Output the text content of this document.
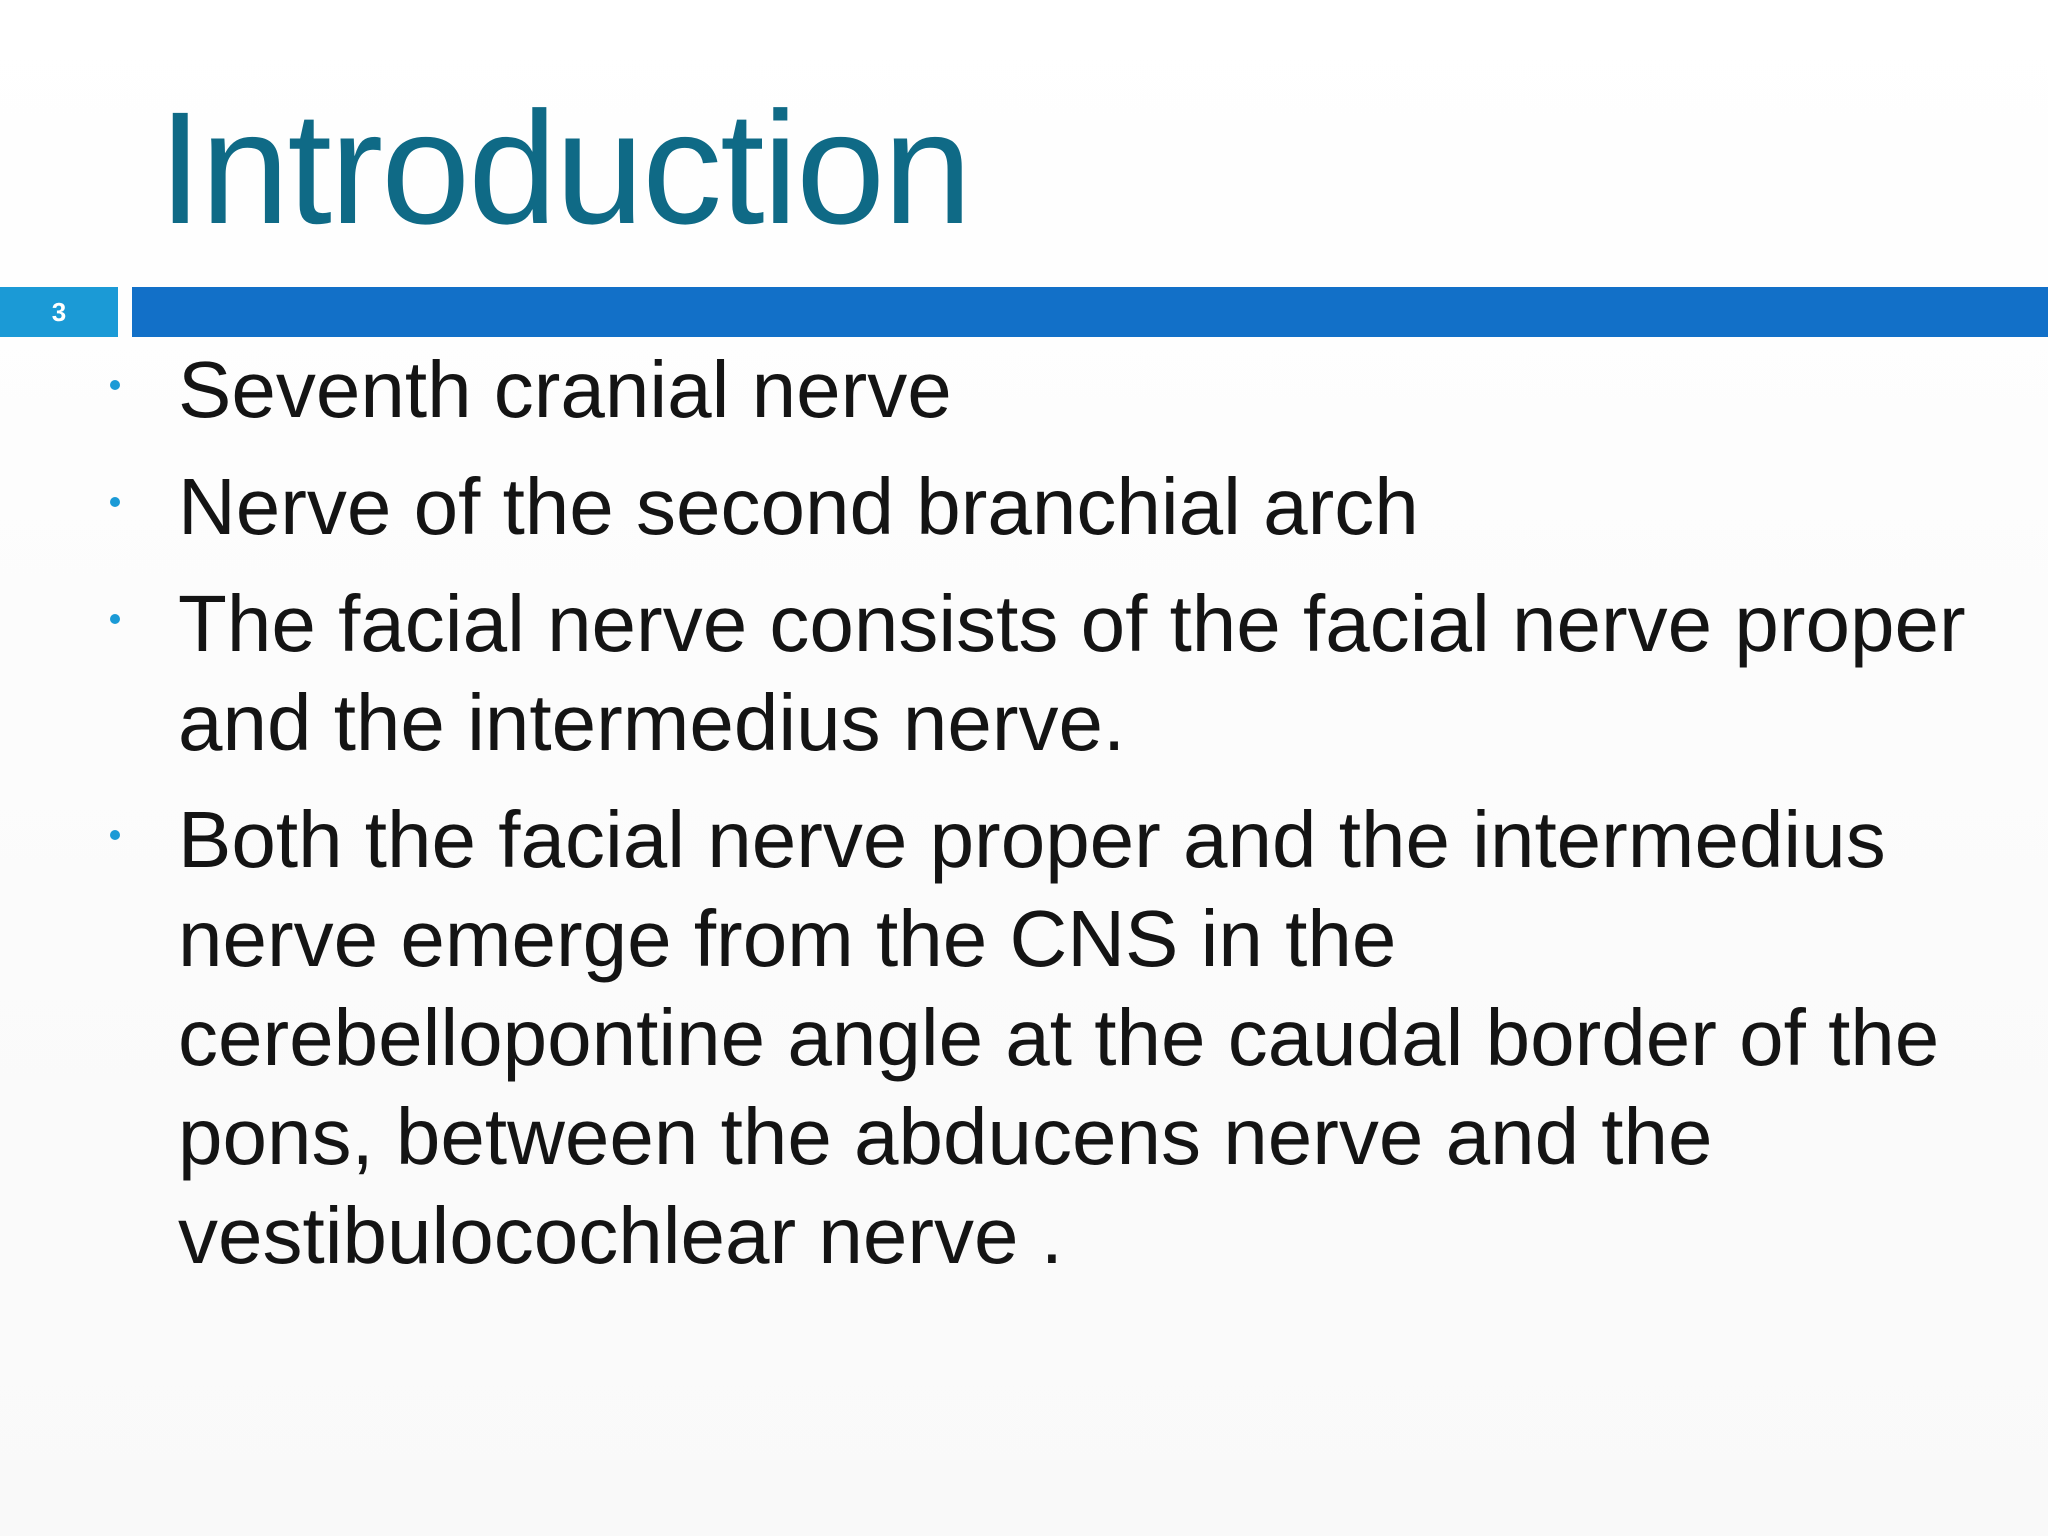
Introduction
3
Seventh cranial nerve
Nerve of the second branchial arch
The facial nerve consists of the facial nerve proper and the intermedius nerve.
Both the facial nerve proper and the intermedius nerve emerge from the CNS in the cerebellopontine angle at the caudal border of the pons, between the abducens nerve and the vestibulocochlear nerve .
